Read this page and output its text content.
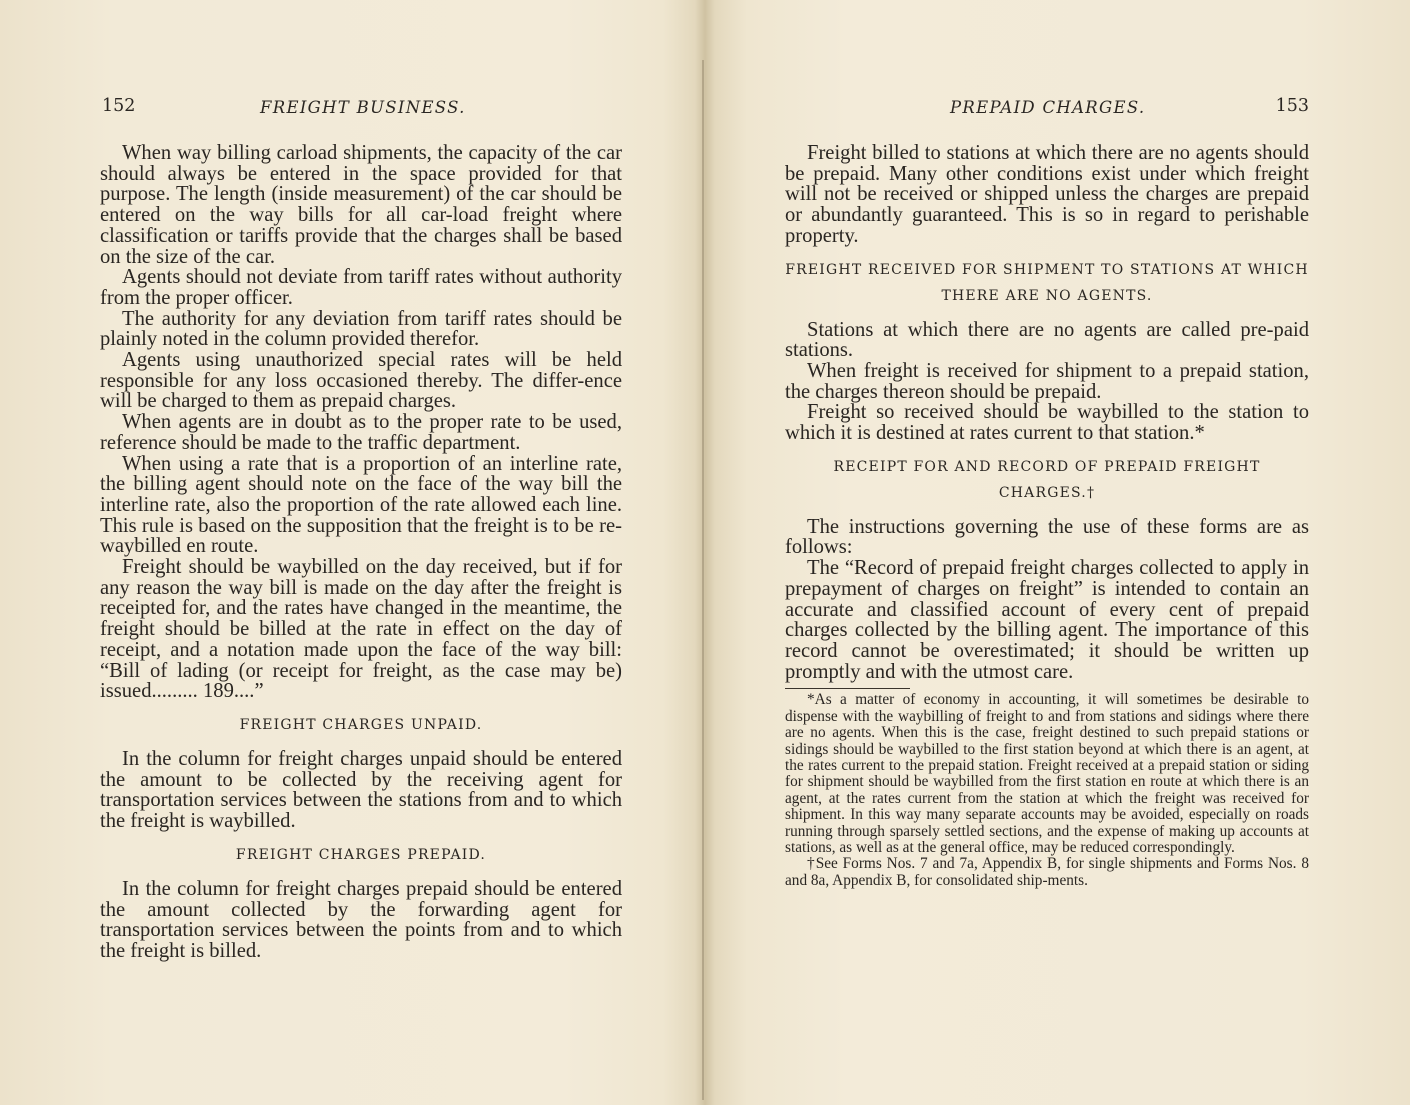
152	FREIGHT BUSINESS.

When way billing carload shipments, the capacity of the car should always be entered in the space provided for that purpose. The length (inside measurement) of the car should be entered on the way bills for all car-load freight where classification or tariffs provide that the charges shall be based on the size of the car.

Agents should not deviate from tariff rates without authority from the proper officer.

The authority for any deviation from tariff rates should be plainly noted in the column provided therefor.

Agents using unauthorized special rates will be held responsible for any loss occasioned thereby. The differ-ence will be charged to them as prepaid charges.

When agents are in doubt as to the proper rate to be used, reference should be made to the traffic department.

When using a rate that is a proportion of an interline rate, the billing agent should note on the face of the way bill the interline rate, also the proportion of the rate allowed each line. This rule is based on the supposition that the freight is to be re-waybilled en route.

Freight should be waybilled on the day received, but if for any reason the way bill is made on the day after the freight is receipted for, and the rates have changed in the meantime, the freight should be billed at the rate in effect on the day of receipt, and a notation made upon the face of the way bill: “Bill of lading (or receipt for freight, as the case may be) issued......... 189....”

FREIGHT CHARGES UNPAID.

In the column for freight charges unpaid should be entered the amount to be collected by the receiving agent for transportation services between the stations from and to which the freight is waybilled.

FREIGHT CHARGES PREPAID.

In the column for freight charges prepaid should be entered the amount collected by the forwarding agent for transportation services between the points from and to which the freight is billed.

PREPAID CHARGES.	153

Freight billed to stations at which there are no agents should be prepaid. Many other conditions exist under which freight will not be received or shipped unless the charges are prepaid or abundantly guaranteed. This is so in regard to perishable property.

FREIGHT RECEIVED FOR SHIPMENT TO STATIONS AT WHICH THERE ARE NO AGENTS.

Stations at which there are no agents are called pre-paid stations.

When freight is received for shipment to a prepaid station, the charges thereon should be prepaid.

Freight so received should be waybilled to the station to which it is destined at rates current to that station.*

RECEIPT FOR AND RECORD OF PREPAID FREIGHT CHARGES.†

The instructions governing the use of these forms are as follows:

The “Record of prepaid freight charges collected to apply in prepayment of charges on freight” is intended to contain an accurate and classified account of every cent of prepaid charges collected by the billing agent. The importance of this record cannot be overestimated; it should be written up promptly and with the utmost care.

*As a matter of economy in accounting, it will sometimes be desirable to dispense with the waybilling of freight to and from stations and sidings where there are no agents. When this is the case, freight destined to such prepaid stations or sidings should be waybilled to the first station beyond at which there is an agent, at the rates current to the prepaid station. Freight received at a prepaid station or siding for shipment should be waybilled from the first station en route at which there is an agent, at the rates current from the station at which the freight was received for shipment. In this way many separate accounts may be avoided, especially on roads running through sparsely settled sections, and the expense of making up accounts at stations, as well as at the general office, may be reduced correspondingly.

†See Forms Nos. 7 and 7a, Appendix B, for single shipments and Forms Nos. 8 and 8a, Appendix B, for consolidated ship-ments.
